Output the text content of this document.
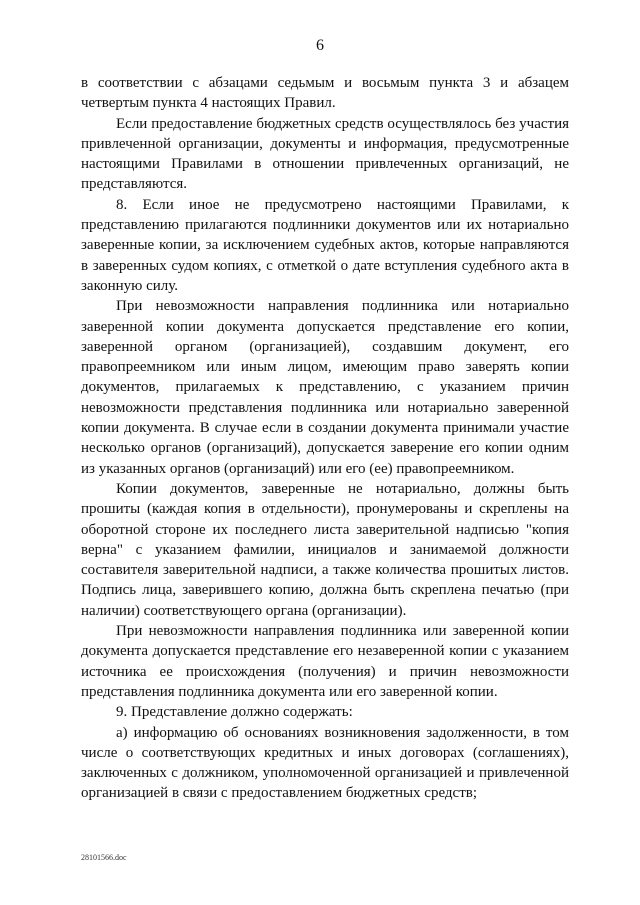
6

в соответствии с абзацами седьмым и восьмым пункта 3 и абзацем четвертым пункта 4 настоящих Правил.

Если предоставление бюджетных средств осуществлялось без участия привлеченной организации, документы и информация, предусмотренные настоящими Правилами в отношении привлеченных организаций, не представляются.

8. Если иное не предусмотрено настоящими Правилами, к представлению прилагаются подлинники документов или их нотариально заверенные копии, за исключением судебных актов, которые направляются в заверенных судом копиях, с отметкой о дате вступления судебного акта в законную силу.

При невозможности направления подлинника или нотариально заверенной копии документа допускается представление его копии, заверенной органом (организацией), создавшим документ, его правопреемником или иным лицом, имеющим право заверять копии документов, прилагаемых к представлению, с указанием причин невозможности представления подлинника или нотариально заверенной копии документа. В случае если в создании документа принимали участие несколько органов (организаций), допускается заверение его копии одним из указанных органов (организаций) или его (ее) правопреемником.

Копии документов, заверенные не нотариально, должны быть прошиты (каждая копия в отдельности), пронумерованы и скреплены на оборотной стороне их последнего листа заверительной надписью "копия верна" с указанием фамилии, инициалов и занимаемой должности составителя заверительной надписи, а также количества прошитых листов. Подпись лица, заверившего копию, должна быть скреплена печатью (при наличии) соответствующего органа (организации).

При невозможности направления подлинника или заверенной копии документа допускается представление его незаверенной копии с указанием источника ее происхождения (получения) и причин невозможности представления подлинника документа или его заверенной копии.

9. Представление должно содержать:

а) информацию об основаниях возникновения задолженности, в том числе о соответствующих кредитных и иных договорах (соглашениях), заключенных с должником, уполномоченной организацией и привлеченной организацией в связи с предоставлением бюджетных средств;

28101566.doc
